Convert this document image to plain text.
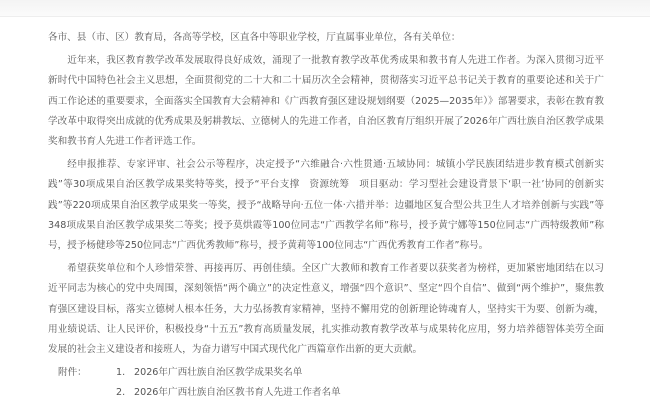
各市、县（市、区）教育局，各高等学校，区直各中等职业学校，厅直属事业单位，各有关单位：

近年来，我区教育教学改革发展取得良好成效，涌现了一批教育教学改革优秀成果和教书育人先进工作者。为深入贯彻习近平新时代中国特色社会主义思想，全面贯彻党的二十大和二十届历次全会精神，贯彻落实习近平总书记关于教育的重要论述和关于广西工作论述的重要要求，全面落实全国教育大会精神和《广西教育强区建设规划纲要（2025—2035年）》部署要求，表彰在教育教学改革中取得突出成就的优秀成果及躬耕教坛、立德树人的先进工作者，自治区教育厅组织开展了2026年广西壮族自治区教学成果奖和教书育人先进工作者评选工作。

经申报推荐、专家评审、社会公示等程序，决定授予“六维融合·六性贯通·五域协同：城镇小学民族团结进步教育模式创新实践”等30项成果自治区教学成果奖特等奖，授予“平台支撑　资源统筹　项目驱动：学习型社会建设背景下‘职一社’协同的创新实践”等220项成果自治区教学成果奖一等奖，授予“战略导向·五位一体·六措并举：边疆地区复合型公共卫生人才培养创新与实践”等348项成果自治区教学成果奖二等奖；授予莫烘霞等100位同志“广西教学名师”称号，授予黄宁娜等150位同志“广西特级教师”称号，授予杨健珍等250位同志“广西优秀教师”称号，授予黄莉等100位同志“广西优秀教育工作者”称号。

希望获奖单位和个人珍惜荣誉、再接再厉、再创佳绩。全区广大教师和教育工作者要以获奖者为榜样，更加紧密地团结在以习近平同志为核心的党中央周围，深刻领悟“两个确立”的决定性意义，增强“四个意识”、坚定“四个自信”、做到“两个维护”，聚焦教育强区建设目标，落实立德树人根本任务，大力弘扬教育家精神，坚持不懈用党的创新理论铸魂育人，坚持实干为要、创新为魂，用业绩说话、让人民评价，积极投身“十五五”教育高质量发展，扎实推动教育教学改革与成果转化应用，努力培养德智体美劳全面发展的社会主义建设者和接班人，为奋力谱写中国式现代化广西篇章作出新的更大贡献。

附件：	1. 2026年广西壮族自治区教学成果奖名单
2. 2026年广西壮族自治区教书育人先进工作者名单
